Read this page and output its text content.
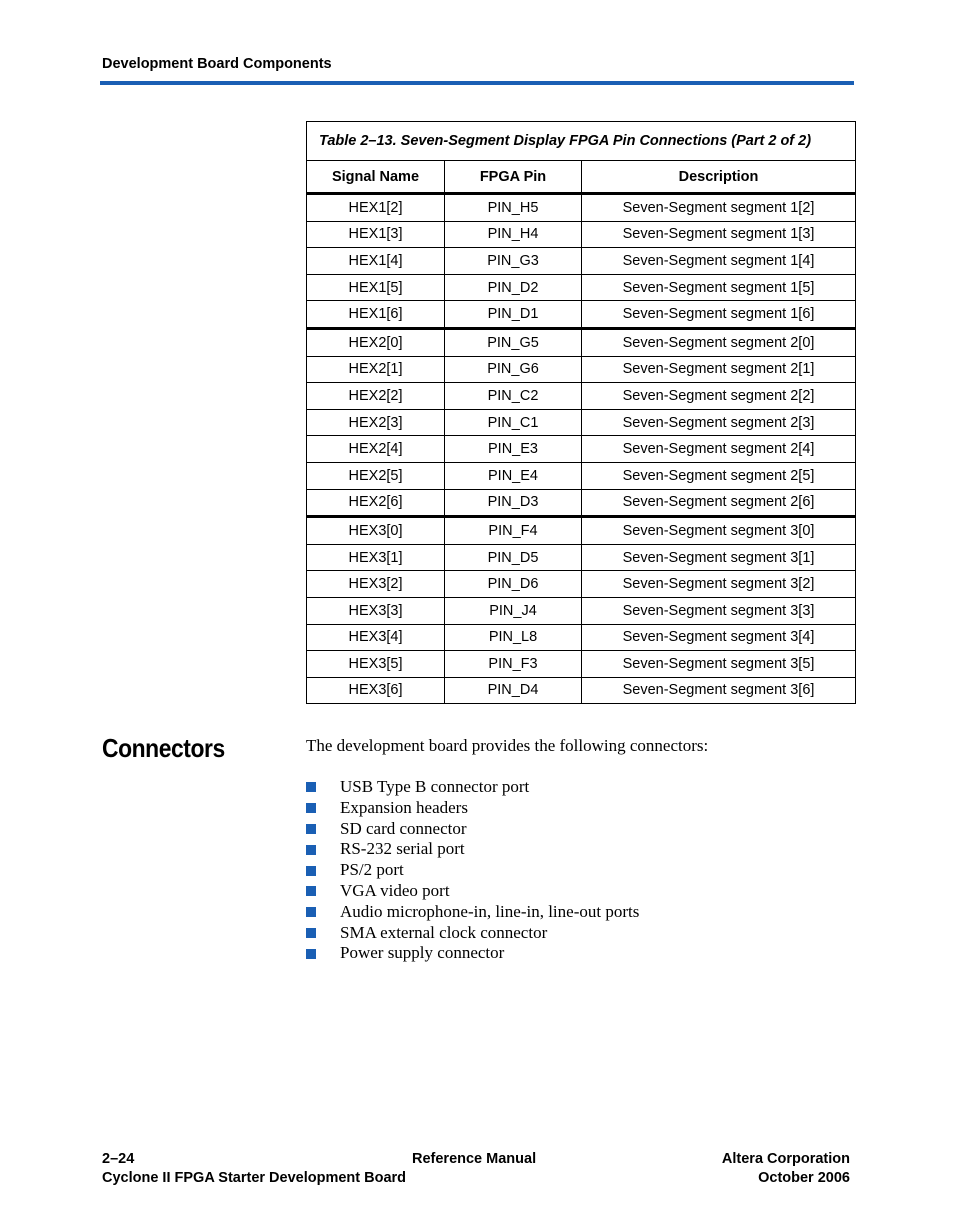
Development Board Components
Table 2–13. Seven-Segment Display FPGA Pin Connections (Part 2 of 2)		
Signal Name	FPGA Pin	Description
HEX1[2]	PIN_H5	Seven-Segment segment 1[2]
HEX1[3]	PIN_H4	Seven-Segment segment 1[3]
HEX1[4]	PIN_G3	Seven-Segment segment 1[4]
HEX1[5]	PIN_D2	Seven-Segment segment 1[5]
HEX1[6]	PIN_D1	Seven-Segment segment 1[6]
HEX2[0]	PIN_G5	Seven-Segment segment 2[0]
HEX2[1]	PIN_G6	Seven-Segment segment 2[1]
HEX2[2]	PIN_C2	Seven-Segment segment 2[2]
HEX2[3]	PIN_C1	Seven-Segment segment 2[3]
HEX2[4]	PIN_E3	Seven-Segment segment 2[4]
HEX2[5]	PIN_E4	Seven-Segment segment 2[5]
HEX2[6]	PIN_D3	Seven-Segment segment 2[6]
HEX3[0]	PIN_F4	Seven-Segment segment 3[0]
HEX3[1]	PIN_D5	Seven-Segment segment 3[1]
HEX3[2]	PIN_D6	Seven-Segment segment 3[2]
HEX3[3]	PIN_J4	Seven-Segment segment 3[3]
HEX3[4]	PIN_L8	Seven-Segment segment 3[4]
HEX3[5]	PIN_F3	Seven-Segment segment 3[5]
HEX3[6]	PIN_D4	Seven-Segment segment 3[6]
Connectors	The development board provides the following connectors:
USB Type B connector port
Expansion headers
SD card connector
RS-232 serial port
PS/2 port
VGA video port
Audio microphone-in, line-in, line-out ports
SMA external clock connector
Power supply connector
2–24
Cyclone II FPGA Starter Development Board
Reference Manual	Altera Corporation
October 2006
